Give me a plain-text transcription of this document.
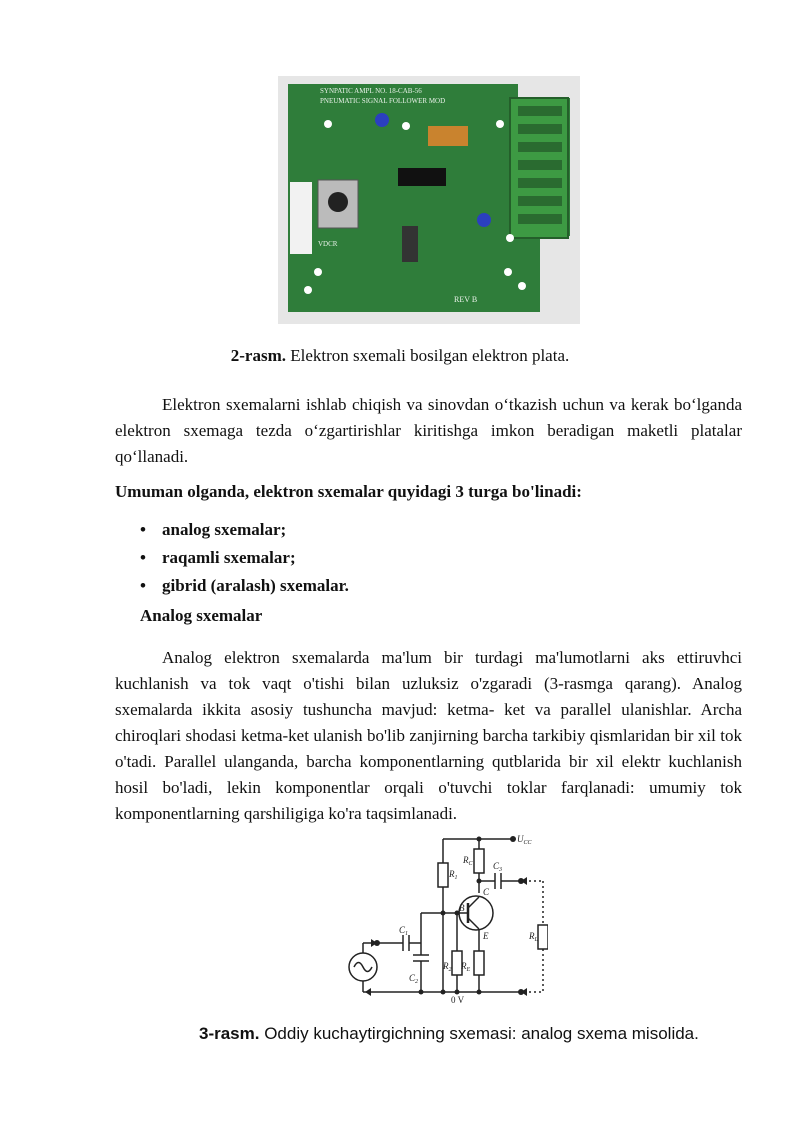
SYNPATIC AMPL NO. 18-CAB-56
PNEUMATIC SIGNAL FOLLOWER MOD
VDCR
REV B
2-rasm. Elektron sxemali bosilgan elektron plata.

Elektron sxemalarni ishlab chiqish va sinovdan o‘tkazish uchun va kerak bo‘lganda elektron sxemaga tezda o‘zgartirishlar kiritishga imkon beradigan maketli platalar qo‘llanadi.

Umuman olganda, elektron sxemalar quyidagi 3 turga bo'linadi:
• analog sxemalar;
• raqamli sxemalar;
• gibrid (aralash) sxemalar.
Analog sxemalar

Analog elektron sxemalarda ma'lum bir turdagi ma'lumotlarni aks ettiruvhci kuchlanish va tok vaqt o'tishi bilan uzluksiz o'zgaradi (3-rasmga qarang). Analog sxemalarda ikkita asosiy tushuncha mavjud: ketma- ket va parallel ulanishlar. Archa chiroqlari shodasi ketma-ket ulanish bo'lib zanjirning barcha tarkibiy qismlaridan bir xil tok o'tadi. Parallel ulanganda, barcha komponentlarning qutblarida bir xil elektr kuchlanish hosil bo'ladi, lekin komponentlar orqali o'tuvchi toklar farqlanadi: umumiy tok komponentlarning qarshiligiga ko'ra taqsimlanadi.

$U_{CC}$
$R_1$
$R_C$ $C_3$
B
C
E
$C_1$
$C_2$
$R_2$ $R_E$
$R_L$
0 V
3-rasm. Oddiy kuchaytirgichning sxemasi: analog sxema misolida.
